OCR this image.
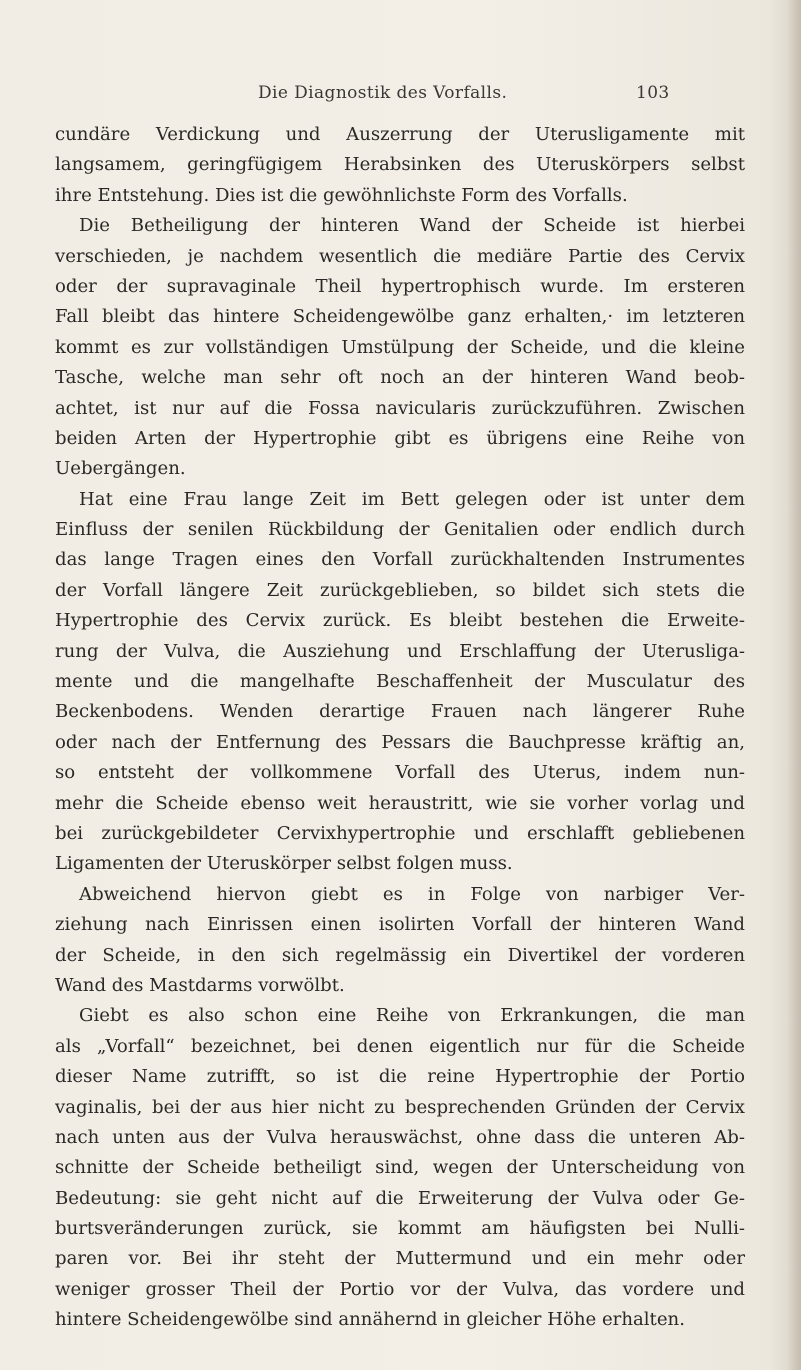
Die Diagnostik des Vorfalls.	103
cundäre Verdickung und Auszerrung der Uterusligamente mit
langsamem, geringfügigem Herabsinken des Uteruskörpers selbst
ihre Entstehung. Dies ist die gewöhnlichste Form des Vorfalls.
Die Betheiligung der hinteren Wand der Scheide ist hierbei
verschieden, je nachdem wesentlich die mediäre Partie des Cervix
oder der supravaginale Theil hypertrophisch wurde. Im ersteren
Fall bleibt das hintere Scheidengewölbe ganz erhalten,· im letzteren
kommt es zur vollständigen Umstülpung der Scheide, und die kleine
Tasche, welche man sehr oft noch an der hinteren Wand beob-
achtet, ist nur auf die Fossa navicularis zurückzuführen. Zwischen
beiden Arten der Hypertrophie gibt es übrigens eine Reihe von
Uebergängen.
Hat eine Frau lange Zeit im Bett gelegen oder ist unter dem
Einfluss der senilen Rückbildung der Genitalien oder endlich durch
das lange Tragen eines den Vorfall zurückhaltenden Instrumentes
der Vorfall längere Zeit zurückgeblieben, so bildet sich stets die
Hypertrophie des Cervix zurück. Es bleibt bestehen die Erweite-
rung der Vulva, die Ausziehung und Erschlaffung der Uterusliga-
mente und die mangelhafte Beschaffenheit der Musculatur des
Beckenbodens. Wenden derartige Frauen nach längerer Ruhe
oder nach der Entfernung des Pessars die Bauchpresse kräftig an,
so entsteht der vollkommene Vorfall des Uterus, indem nun-
mehr die Scheide ebenso weit heraustritt, wie sie vorher vorlag und
bei zurückgebildeter Cervixhypertrophie und erschlafft gebliebenen
Ligamenten der Uteruskörper selbst folgen muss.
Abweichend hiervon giebt es in Folge von narbiger Ver-
ziehung nach Einrissen einen isolirten Vorfall der hinteren Wand
der Scheide, in den sich regelmässig ein Divertikel der vorderen
Wand des Mastdarms vorwölbt.
Giebt es also schon eine Reihe von Erkrankungen, die man
als „Vorfall“ bezeichnet, bei denen eigentlich nur für die Scheide
dieser Name zutrifft, so ist die reine Hypertrophie der Portio
vaginalis, bei der aus hier nicht zu besprechenden Gründen der Cervix
nach unten aus der Vulva herauswächst, ohne dass die unteren Ab-
schnitte der Scheide betheiligt sind, wegen der Unterscheidung von
Bedeutung: sie geht nicht auf die Erweiterung der Vulva oder Ge-
burtsveränderungen zurück, sie kommt am häufigsten bei Nulli-
paren vor. Bei ihr steht der Muttermund und ein mehr oder
weniger grosser Theil der Portio vor der Vulva, das vordere und
hintere Scheidengewölbe sind annähernd in gleicher Höhe erhalten.
